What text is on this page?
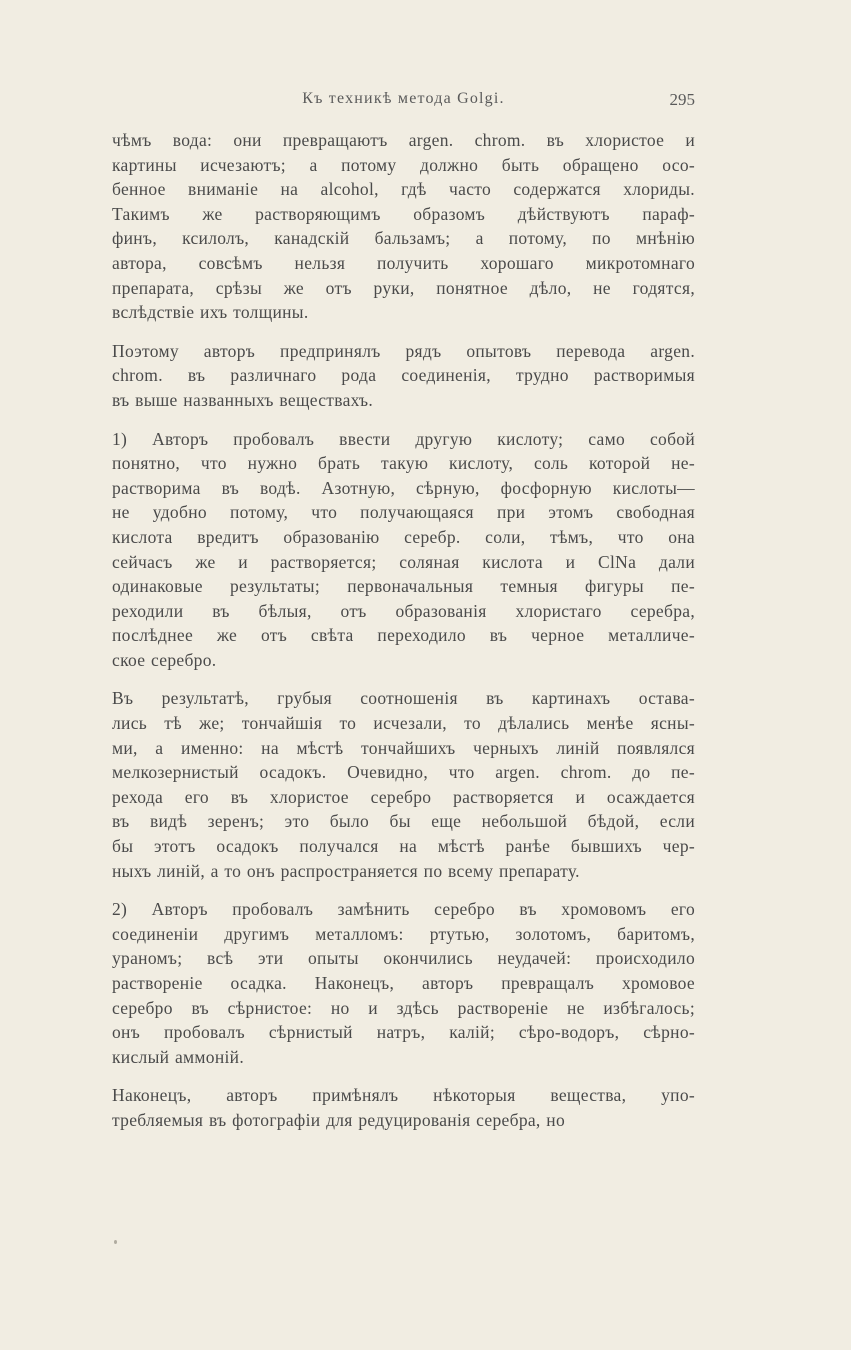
Къ техникѣ метода Golgi.	295
чѣмъ вода: они превращаютъ argen. chrom. въ хлористое и
картины исчезаютъ; а потому должно быть обращено осо-
бенное вниманіе на alcohol, гдѣ часто содержатся хлориды.
Такимъ же растворяющимъ образомъ дѣйствуютъ параф-
финъ, ксилолъ, канадскій бальзамъ; а потому, по мнѣнію
автора, совсѣмъ нельзя получить хорошаго микротомнаго
препарата, срѣзы же отъ руки, понятное дѣло, не годятся,
вслѣдствіе ихъ толщины.
Поэтому авторъ предпринялъ рядъ опытовъ перевода argen.
chrom. въ различнаго рода соединенія, трудно растворимыя
въ выше названныхъ веществахъ.
1) Авторъ пробовалъ ввести другую кислоту; само собой
понятно, что нужно брать такую кислоту, соль которой не-
растворима въ водѣ. Азотную, сѣрную, фосфорную кислоты—
не удобно потому, что получающаяся при этомъ свободная
кислота вредитъ образованію серебр. соли, тѣмъ, что она
сейчасъ же и растворяется; соляная кислота и ClNa дали
одинаковые результаты; первоначальныя темныя фигуры пе-
реходили въ бѣлыя, отъ образованія хлористаго серебра,
послѣднее же отъ свѣта переходило въ черное металличе-
ское серебро.
Въ результатѣ, грубыя соотношенія въ картинахъ остава-
лись тѣ же; тончайшія то исчезали, то дѣлались менѣе ясны-
ми, а именно: на мѣстѣ тончайшихъ черныхъ линій появлялся
мелкозернистый осадокъ. Очевидно, что argen. chrom. до пе-
рехода его въ хлористое серебро растворяется и осаждается
въ видѣ зеренъ; это было бы еще небольшой бѣдой, если
бы этотъ осадокъ получался на мѣстѣ ранѣе бывшихъ чер-
ныхъ линій, а то онъ распространяется по всему препарату.
2) Авторъ пробовалъ замѣнить серебро въ хромовомъ его
соединеніи другимъ металломъ: ртутью, золотомъ, баритомъ,
ураномъ; всѣ эти опыты окончились неудачей: происходило
раствореніе осадка. Наконецъ, авторъ превращалъ хромовое
серебро въ сѣрнистое: но и здѣсь раствореніе не избѣгалось;
онъ пробовалъ сѣрнистый натръ, калій; сѣро-водоръ, сѣрно-
кислый аммоній.
Наконецъ, авторъ примѣнялъ нѣкоторыя вещества, упо-
требляемыя въ фотографіи для редуцированія серебра, но
